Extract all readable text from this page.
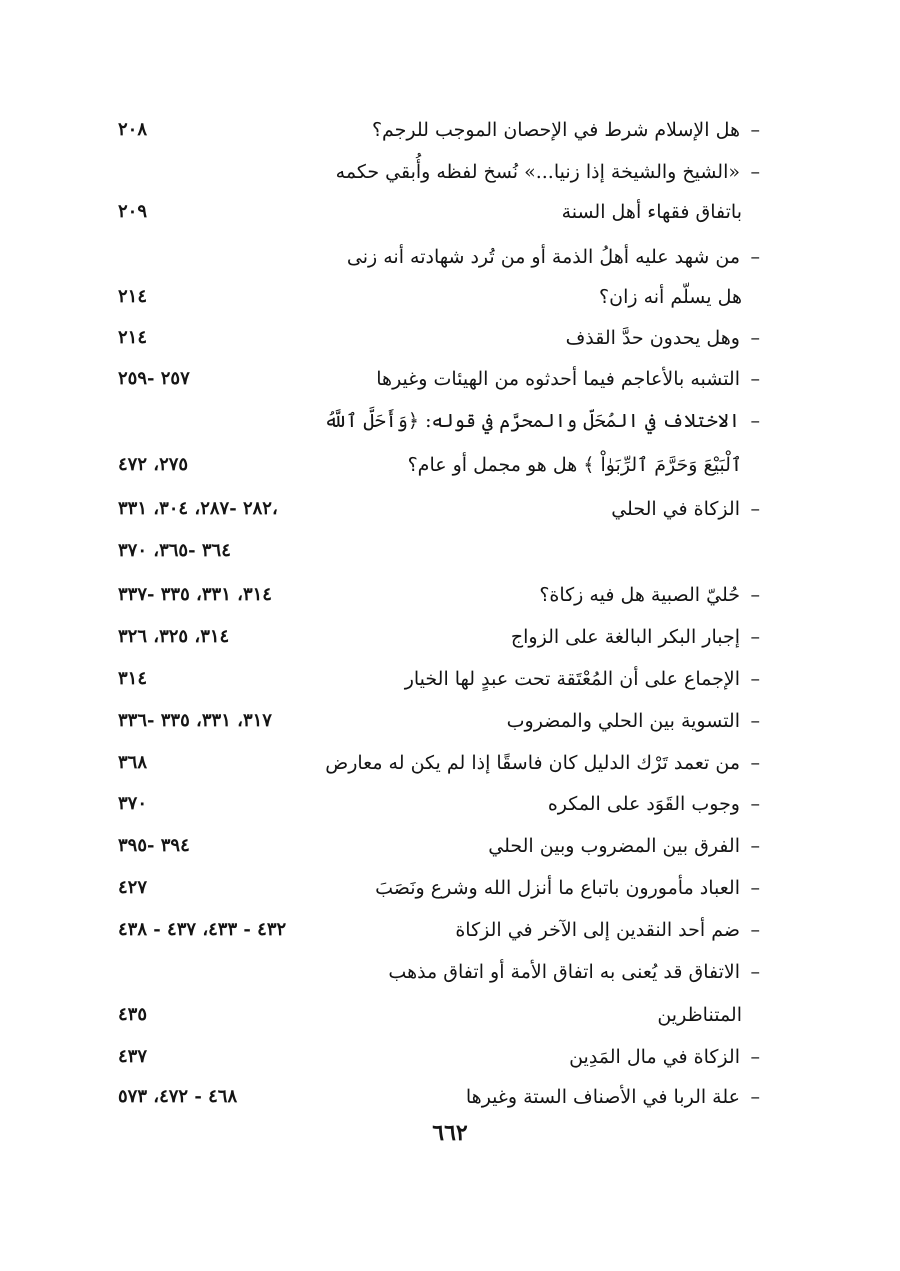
–
هل الإسلام شرط في الإحصان الموجب للرجم؟
٢٠٨
–
«الشيخ والشيخة إذا زنيا...» نُسخ لفظه وأُبقي حكمه
باتفاق فقهاء أهل السنة
٢٠٩
–
من شهد عليه أهلُ الذمة أو من تُرد شهادته أنه زنى
هل يسلّم أنه زان؟
٢١٤
–
وهل يحدون حدَّ القذف
٢١٤
–
التشبه بالأعاجم فيما أحدثوه من الهيئات وغيرها
٢٥٧ -٢٥٩
–
الاختلاف في المُحَلّ والمحرَّم في قوله: ﴿وَأَحَلَّ ٱللَّهُ
ٱلْبَيْعَ وَحَرَّمَ ٱلرِّبَوٰاْ ﴾ هل هو مجمل أو عام؟
٢٧٥، ٤٧٢
–
الزكاة في الحلي
٢٨٢ -٢٨٧، ٣٠٤، ٣٣١،
٣٦٤ -٣٦٥، ٣٧٠
–
حُليّ الصبية هل فيه زكاة؟
٣١٤، ٣٣١، ٣٣٥ -٣٣٧
–
إجبار البكر البالغة على الزواج
٣١٤، ٣٢٥، ٣٢٦
–
الإجماع على أن المُعْتَقة تحت عبدٍ لها الخيار
٣١٤
–
التسوية بين الحلي والمضروب
٣١٧، ٣٣١، ٣٣٥ -٣٣٦
–
من تعمد تَرْك الدليل كان فاسقًا إذا لم يكن له معارض
٣٦٨
–
وجوب القَوَد على المكره
٣٧٠
–
الفرق بين المضروب وبين الحلي
٣٩٤ -٣٩٥
–
العباد مأمورون باتباع ما أنزل الله وشرع ونَصَبَ
٤٢٧
–
ضم أحد النقدين إلى الآخر في الزكاة
٤٣٢ - ٤٣٣، ٤٣٧ - ٤٣٨
–
الاتفاق قد يُعنى به اتفاق الأمة أو اتفاق مذهب
المتناظرين
٤٣٥
–
الزكاة في مال المَدِين
٤٣٧
–
علة الربا في الأصناف الستة وغيرها
٤٦٨ - ٤٧٢، ٥٧٣
٦٦٢
